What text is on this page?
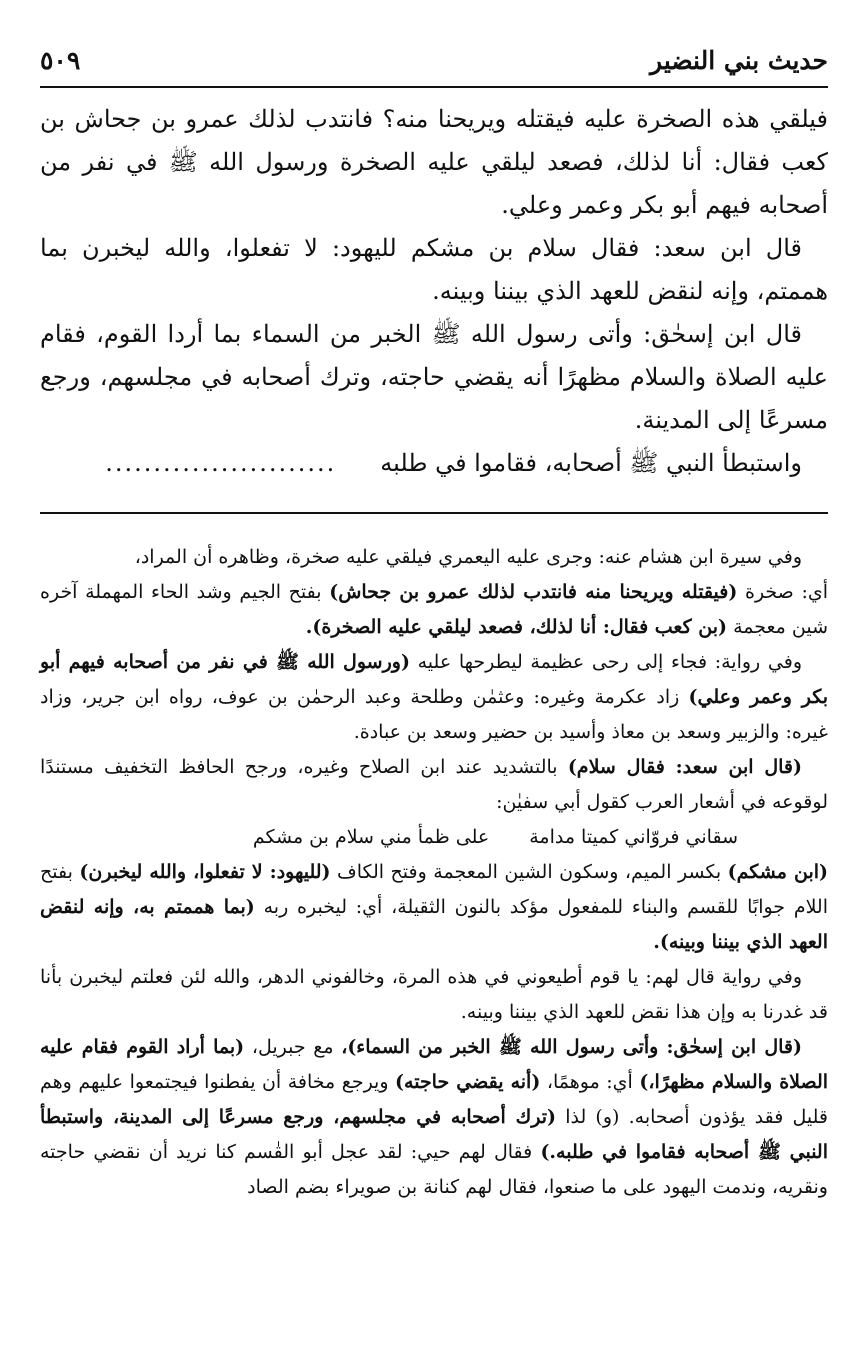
حديث بني النضير
٥٠٩

فيلقي هذه الصخرة عليه فيقتله ويريحنا منه؟ فانتدب لذلك عمرو بن جحاش بن كعب فقال: أنا لذلك، فصعد ليلقي عليه الصخرة ورسول الله ﷺ في نفر من أصحابه فيهم أبو بكر وعمر وعلي.

قال ابن سعد: فقال سلام بن مشكم لليهود: لا تفعلوا، والله ليخبرن بما هممتم، وإنه لنقض للعهد الذي بيننا وبينه.

قال ابن إسحٰق: وأتى رسول الله ﷺ الخبر من السماء بما أردا القوم، فقام عليه الصلاة والسلام مظهرًا أنه يقضي حاجته، وترك أصحابه في مجلسهم، ورجع مسرعًا إلى المدينة.

واستبطأ النبي ﷺ أصحابه، فقاموا في طلبه
........................

وفي سيرة ابن هشام عنه: وجرى عليه اليعمري فيلقي عليه صخرة، وظاهره أن المراد،

أي: صخرة (فيقتله ويريحنا منه فانتدب لذلك عمرو بن جحاش) بفتح الجيم وشد الحاء المهملة آخره شين معجمة (بن كعب فقال: أنا لذلك، فصعد ليلقي عليه الصخرة).

وفي رواية: فجاء إلى رحى عظيمة ليطرحها عليه (ورسول الله ﷺ في نفر من أصحابه فيهم أبو بكر وعمر وعلي) زاد عكرمة وغيره: وعثمٰن وطلحة وعبد الرحمٰن بن عوف، رواه ابن جرير، وزاد غيره: والزبير وسعد بن معاذ وأسيد بن حضير وسعد بن عبادة.

(قال ابن سعد: فقال سلام) بالتشديد عند ابن الصلاح وغيره، ورجح الحافظ التخفيف مستندًا لوقوعه في أشعار العرب كقول أبي سفيٰن:

سقاني فروّاني كميتا مدامة
على ظمأ مني سلام بن مشكم

(ابن مشكم) بكسر الميم، وسكون الشين المعجمة وفتح الكاف (لليهود: لا تفعلوا، والله ليخبرن) بفتح اللام جوابًا للقسم والبناء للمفعول مؤكد بالنون الثقيلة، أي: ليخبره ربه (بما هممتم به، وإنه لنقض العهد الذي بيننا وبينه).

وفي رواية قال لهم: يا قوم أطيعوني في هذه المرة، وخالفوني الدهر، والله لئن فعلتم ليخبرن بأنا قد غدرنا به وإن هذا نقض للعهد الذي بيننا وبينه.

(قال ابن إسحٰق: وأتى رسول الله ﷺ الخبر من السماء)، مع جبريل، (بما أراد القوم فقام عليه الصلاة والسلام مظهرًا،) أي: موهمًا، (أنه يقضي حاجته) ويرجع مخافة أن يفطنوا فيجتمعوا عليهم وهم قليل فقد يؤذون أصحابه. (و) لذا (ترك أصحابه في مجلسهم، ورجع مسرعًا إلى المدينة، واستبطأ النبي ﷺ أصحابه فقاموا في طلبه.) فقال لهم حيي: لقد عجل أبو القٰسم كنا نريد أن نقضي حاجته ونقريه، وندمت اليهود على ما صنعوا، فقال لهم كنانة بن صويراء بضم الصاد
